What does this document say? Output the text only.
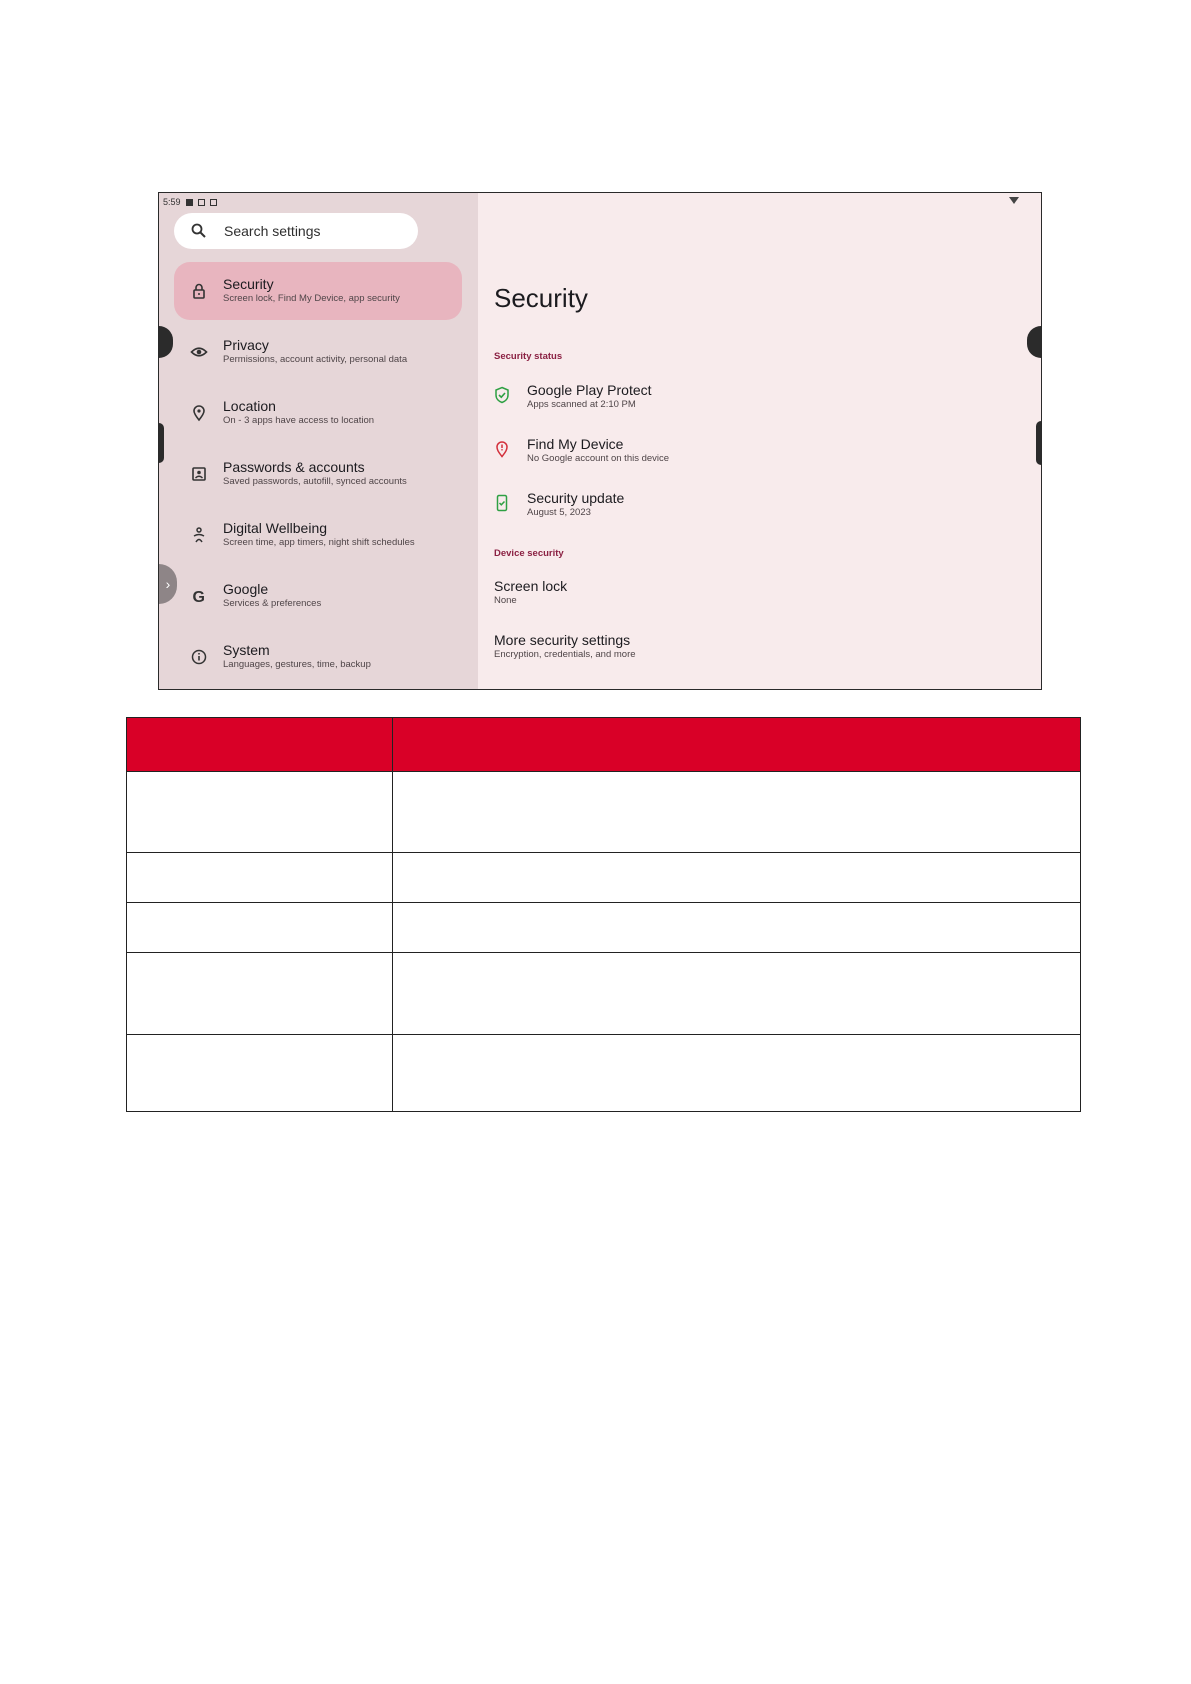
5:59
Search settings
Security
Screen lock, Find My Device, app security
Privacy
Permissions, account activity, personal data
Location
On - 3 apps have access to location
Passwords & accounts
Saved passwords, autofill, synced accounts
Digital Wellbeing
Screen time, app timers, night shift schedules
G Google
Services & preferences
System
Languages, gestures, time, backup
›
Security
Security status
Google Play Protect
Apps scanned at 2:10 PM
Find My Device
No Google account on this device
Security update
August 5, 2023
Device security
Screen lock
None
More security settings
Encryption, credentials, and more
